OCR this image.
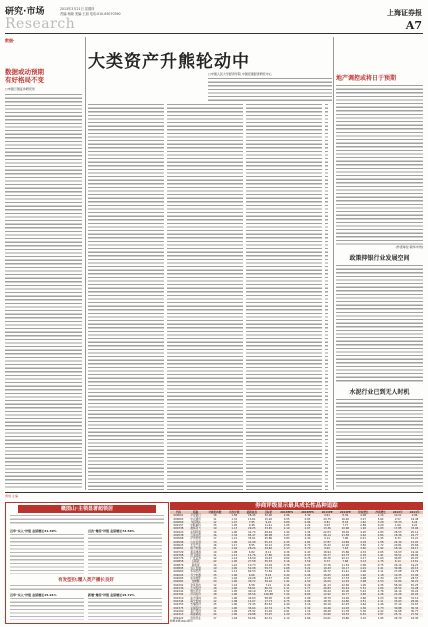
研究·市场
Research
2013年3月21日 星期四
责编:杨晓 美编:王朋 电话:010-63070390	上海证券报
A7
数据·
数据或动预期
有好格局不变
□申银万国证券研究所
大类资产升熊轮动中
□中国人民大学经济学院 中国宏观经济研究中心
地产调控或将日于预期
(作者单位:新华中州)
政策抑银行业发展空间
水泥行业已到无人时机
策划·主编
概图山·主领显著超领居
首审"买入"评级 业绩增长31.39%	首次"增持"评级 业绩增长72.56%
有发型份;覆入类产播长良好
首审"买入"评级 业绩增长15.91%	新增"增持"评级 业绩增长15.72%
券商评级显示最具成长性品种追踪
代码	简称	评级机构数	首次评级	最新收盘	目标价	2013EPS	2014EPS	2013PE	2014PE	营收增长	净利增长	2013年	2014年
000001	平安银行	18	1.58	28.45	32.00	2.96	3.39	9.61	8.39	4.08	2.14	10.51	2.86
000063	中兴通讯	11	1.31	13.61	15.20	0.55	0.83	24.75	16.40	3.27	5.62	2.57	19.48
000069	华侨城A	12	1.07	7.85	9.20	0.80	0.96	9.81	8.18	1.62	3.28	33.33	5.24
000157	中联重科	15	1.05	9.48	11.41	1.05	1.22	9.03	7.77	2.89	0.29	1.69	9.21
000338	潍柴动力	19	1.13	29.25	33.45	2.19	2.67	13.36	10.96	1.92	1.83	17.85	33.06
000423	东阿阿胶	14	1.00	42.74	49.64	1.94	2.34	22.03	18.26	4.20	1.83	26.53	20.14
000538	云南白药	16	1.34	85.47	96.08	3.27	3.96	26.14	21.58	4.62	2.84	18.36	24.77
000568	泸州老窖	17	1.21	35.01	45.86	3.83	4.40	9.14	7.96	0.41	1.35	6.33	15.21
000596	古井贡酒	13	1.06	41.99	55.23	2.35	2.82	17.87	14.89	4.18	1.58	24.30	15.97
000625	长安汽车	16	1.17	8.95	10.12	0.58	0.73	15.43	12.26	3.50	1.72	20.81	25.66
000651	格力电器	21	1.04	28.24	34.62	3.13	3.70	9.02	7.63	3.40	1.92	18.14	18.17
000729	燕京啤酒	10	1.08	6.82	8.12	0.36	0.43	18.94	15.86	4.33	2.65	16.53	19.44
000768	西飞国际	11	1.12	14.76	17.80	0.26	0.33	56.77	44.73	2.18	1.91	30.51	26.92
000776	广发证券	12	1.14	16.59	19.43	0.62	0.75	26.76	22.12	3.17	1.63	30.87	20.97
000858	五粮液	22	1.05	27.58	35.93	3.16	3.59	8.73	7.68	3.13	1.75	6.14	13.61
000876	新希望	14	1.22	10.73	13.04	0.78	0.93	13.76	11.54	2.06	0.75	29.14	19.23
000895	双汇发展	19	1.00	52.08	59.73	2.68	3.22	19.43	16.17	4.01	2.41	39.96	20.15
000963	华东医药	14	1.13	62.53	71.64	2.34	2.92	26.72	21.41	4.06	2.11	27.08	24.79
002024	苏宁电器	15	1.06	6.66	8.24	0.40	0.46	16.65	14.48	1.46	1.18	10.35	15.00
002065	东华软件	13	1.04	20.28	24.57	0.91	1.17	22.29	17.33	4.98	2.30	29.77	28.57
002081	金螳螂	20	1.00	30.72	39.10	1.92	2.50	16.00	12.29	3.98	2.53	31.84	30.21
002202	金风科技	12	1.24	6.58	7.21	0.16	0.29	41.13	22.69	1.05	2.35	58.40	81.25
002236	大华股份	18	1.00	56.61	66.70	2.11	2.77	26.83	20.44	5.51	2.04	45.52	31.28
002241	歌尔声学	19	1.05	40.19	47.24	1.52	2.01	26.44	20.00	5.22	2.76	44.14	32.24
002304	洋河股份	18	1.06	93.56	126.88	7.24	8.69	12.92	10.77	3.48	2.26	21.26	20.03
002310	东方园林	13	1.00	42.63	58.05	2.28	2.99	18.70	14.26	4.60	2.23	32.36	31.14
002344	海宁皮城	12	1.08	14.07	17.73	0.75	0.96	18.76	14.66	3.51	2.11	33.93	28.00
002353	杰瑞股份	15	1.00	72.45	83.52	2.40	3.16	30.19	22.93	4.64	1.46	37.14	31.67
002375	亚厦股份	19	1.00	34.64	42.74	1.78	2.32	19.46	14.93	4.36	2.73	30.88	30.34
002400	省广股份	11	1.09	25.92	31.02	0.91	1.19	28.48	21.78	5.36	2.42	32.68	30.77
002415	海康威视	24	1.00	29.88	33.97	1.20	1.53	24.90	19.53	6.52	2.87	25.71	27.50
002422	科伦药业	17	1.04	52.66	62.31	2.14	2.66	24.61	19.80	3.10	1.95	29.70	24.30
数据来源:Wind资讯
